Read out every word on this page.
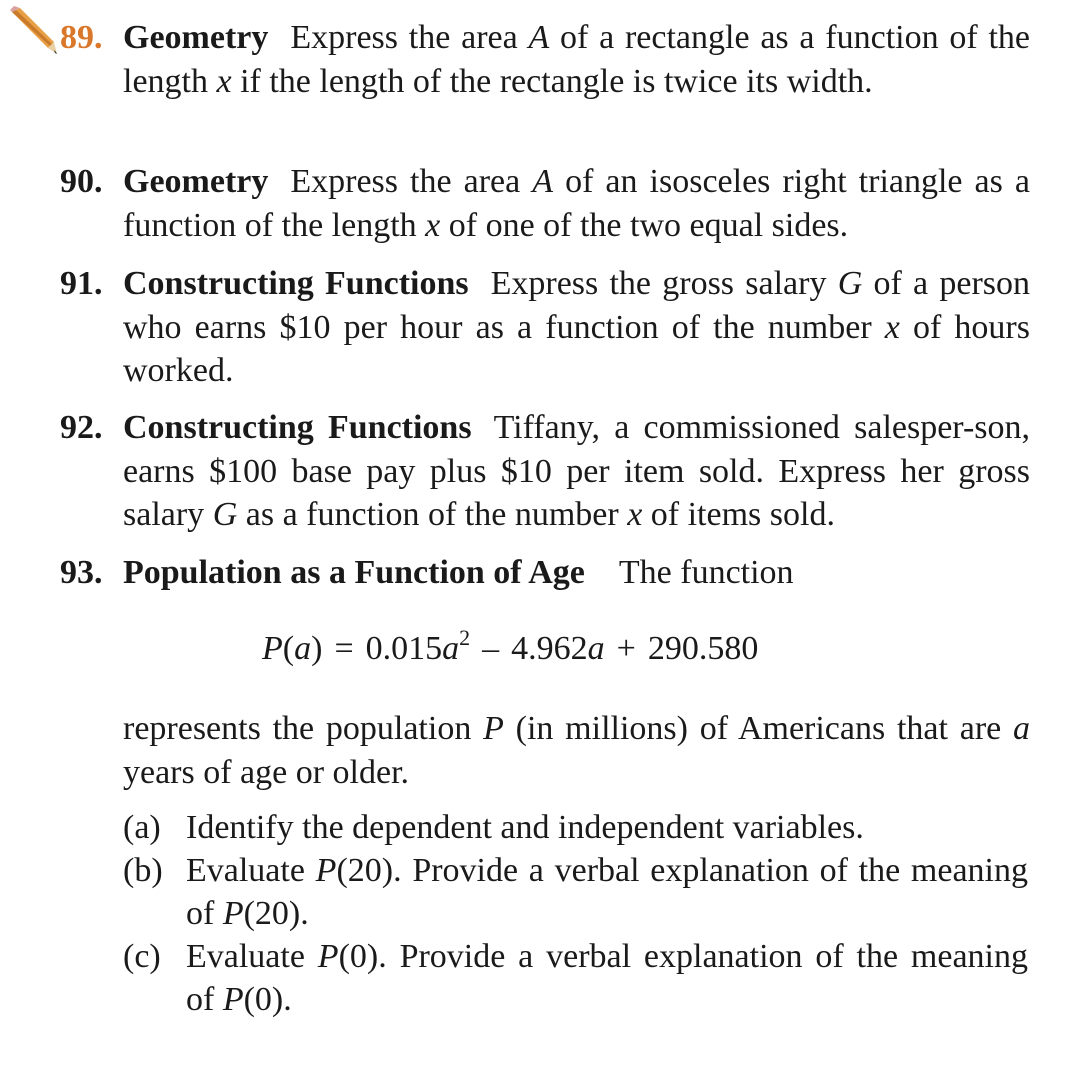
89. Geometry Express the area A of a rectangle as a function of the length x if the length of the rectangle is twice its width.
90. Geometry Express the area A of an isosceles right triangle as a function of the length x of one of the two equal sides.
91. Constructing Functions Express the gross salary G of a person who earns $10 per hour as a function of the number x of hours worked.
92. Constructing Functions Tiffany, a commissioned salesper-son, earns $100 base pay plus $10 per item sold. Express her gross salary G as a function of the number x of items sold.
93. Population as a Function of Age The function
$P(a) = 0.015a^2 - 4.962a + 290.580$
represents the population P (in millions) of Americans that are a years of age or older.
(a) Identify the dependent and independent variables.
(b) Evaluate P(20). Provide a verbal explanation of the meaning of P(20).
(c) Evaluate P(0). Provide a verbal explanation of the meaning of P(0).
